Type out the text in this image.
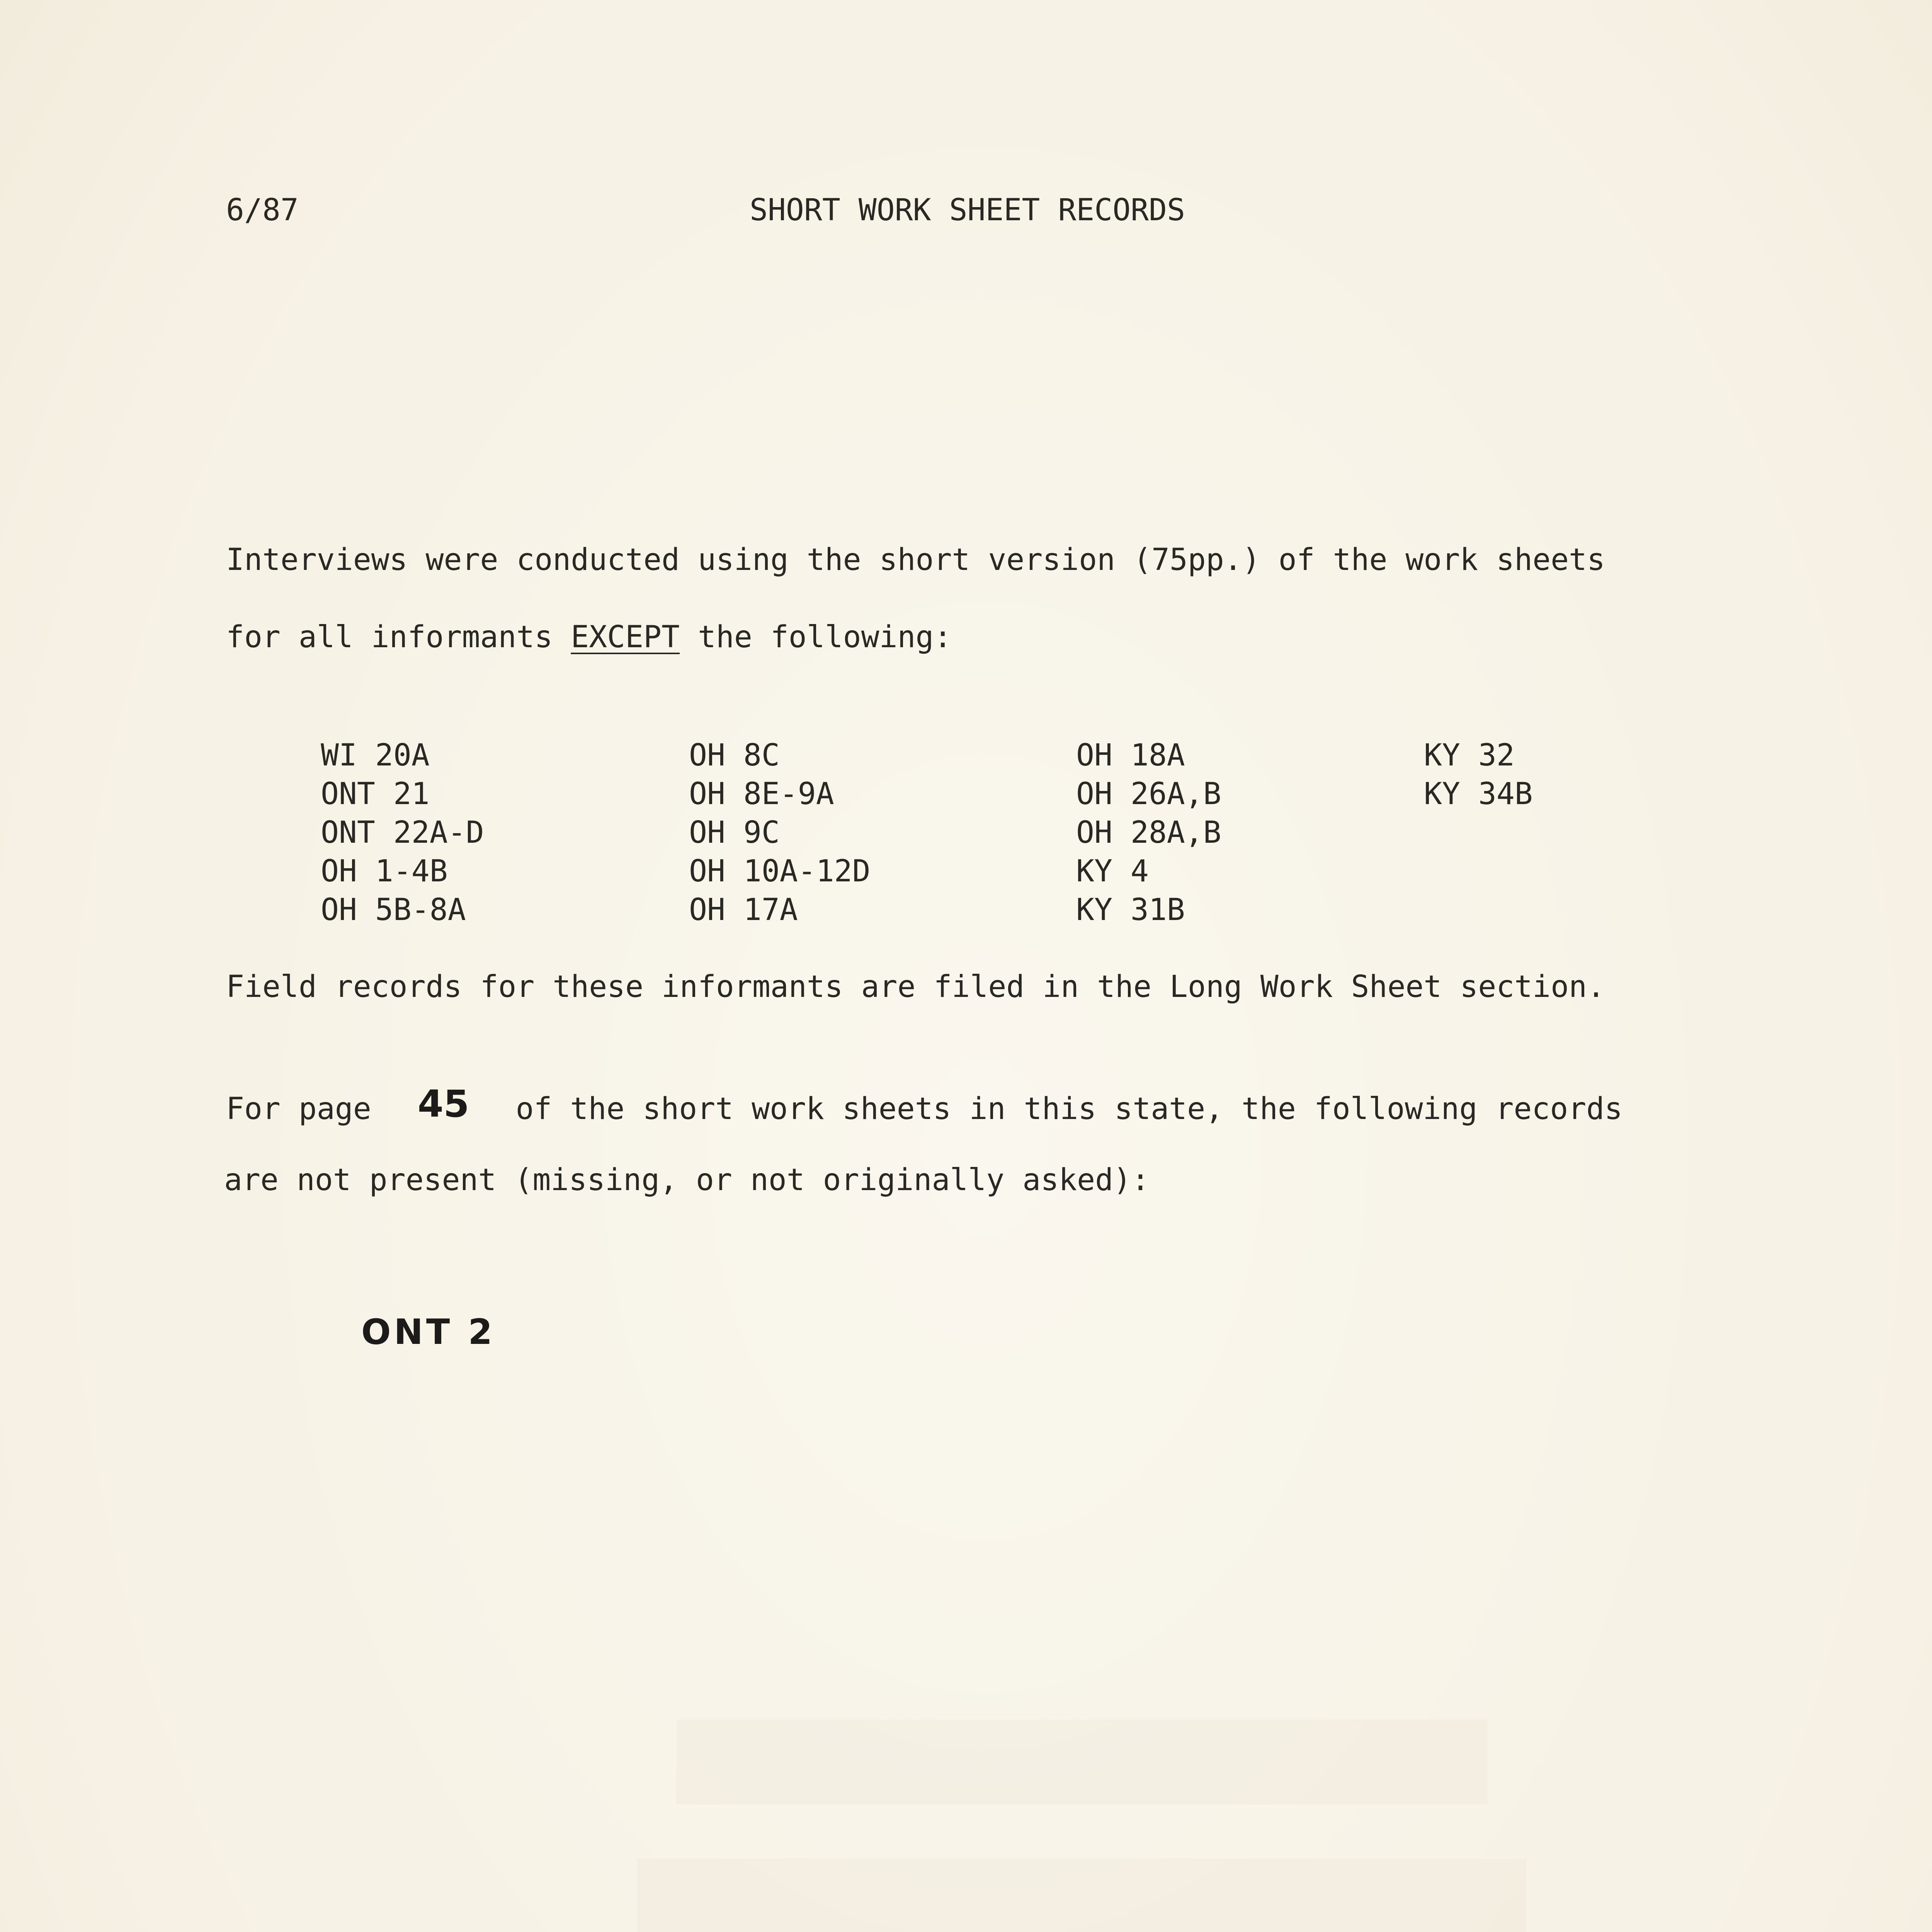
6/87	SHORT WORK SHEET RECORDS
Interviews were conducted using the short version (75pp.) of the work sheets
for all informants EXCEPT the following:
WI 20A
ONT 21
ONT 22A-D
OH 1-4B
OH 5B-8A
OH 8C
OH 8E-9A
OH 9C
OH 10A-12D
OH 17A
OH 18A
OH 26A,B
OH 28A,B
KY 4
KY 31B
KY 32
KY 34B
Field records for these informants are filed in the Long Work Sheet section.
For page 45 of the short work sheets in this state, the following records
are not present (missing, or not originally asked):
ONT 2
